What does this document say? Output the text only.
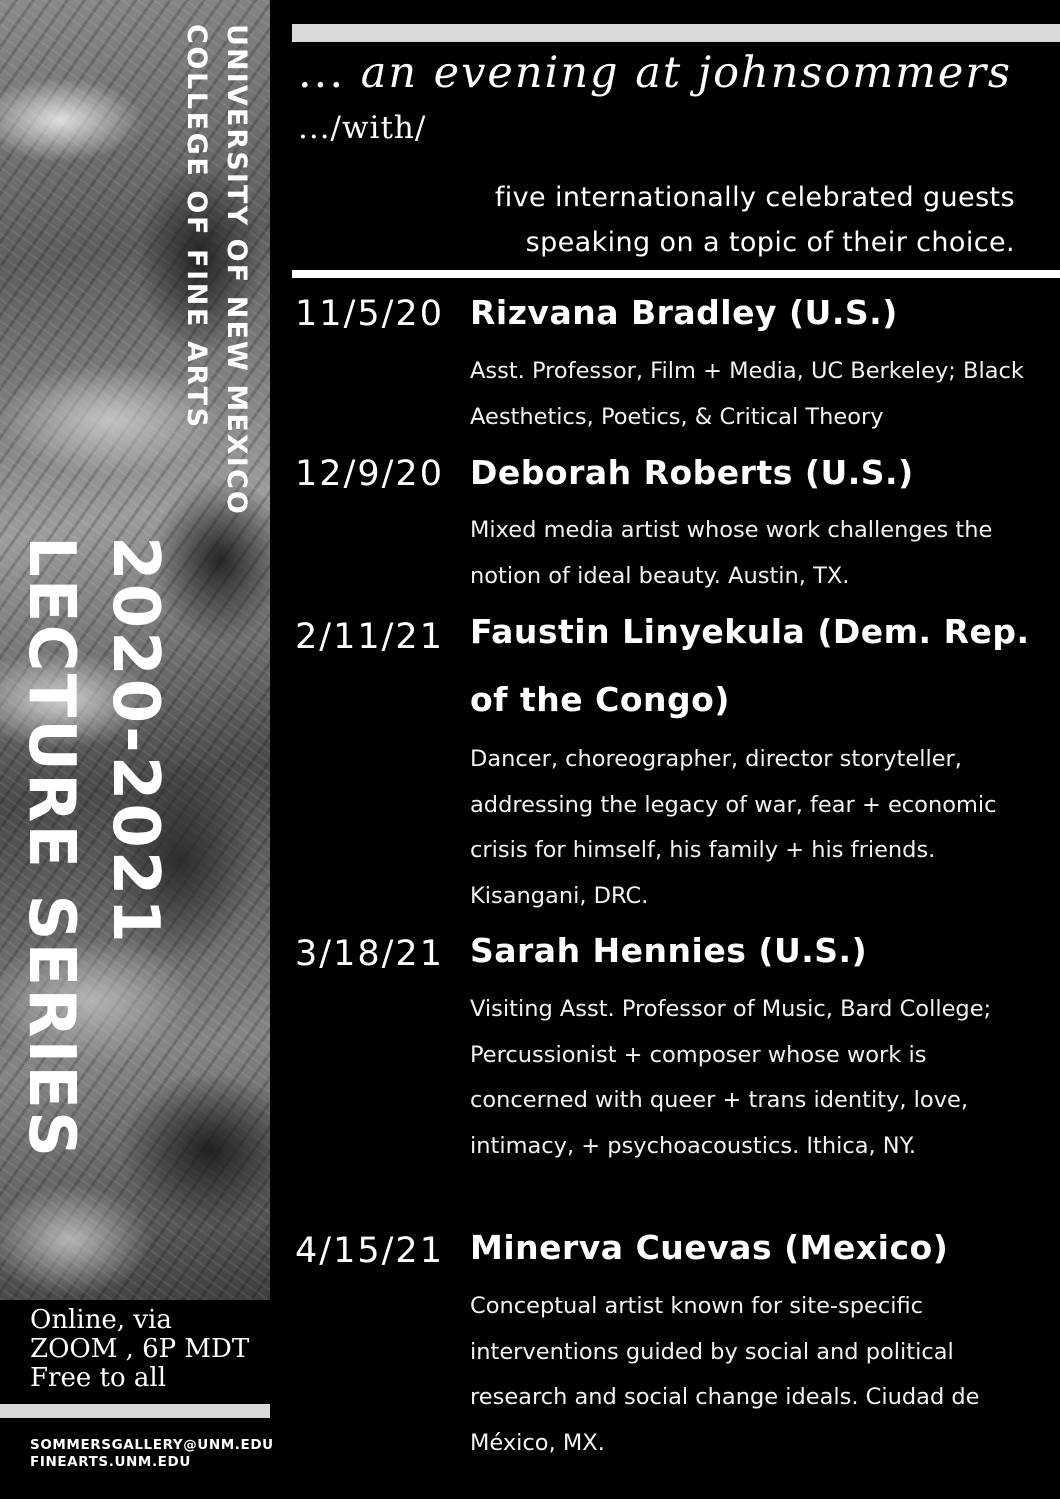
UNIVERSITY OF NEW MEXICO
COLLEGE OF FINE ARTS
2020-2021
LECTURE SERIES
Online, via
ZOOM , 6P MDT
Free to all
SOMMERSGALLERY@UNM.EDU
FINEARTS.UNM.EDU
... an evening at johnsommers
.../with/
five internationally celebrated guests
speaking on a topic of their choice.
11/5/20 Rizvana Bradley (U.S.)
Asst. Professor, Film + Media, UC Berkeley; Black Aesthetics, Poetics, & Critical Theory
12/9/20 Deborah Roberts (U.S.)
Mixed media artist whose work challenges the notion of ideal beauty. Austin, TX.
2/11/21 Faustin Linyekula (Dem. Rep. of the Congo)
Dancer, choreographer, director storyteller, addressing the legacy of war, fear + economic crisis for himself, his family + his friends. Kisangani, DRC.
3/18/21 Sarah Hennies (U.S.)
Visiting Asst. Professor of Music, Bard College; Percussionist + composer whose work is concerned with queer + trans identity, love, intimacy, + psychoacoustics. Ithica, NY.
4/15/21 Minerva Cuevas (Mexico)
Conceptual artist known for site-specific interventions guided by social and political research and social change ideals. Ciudad de México, MX.
